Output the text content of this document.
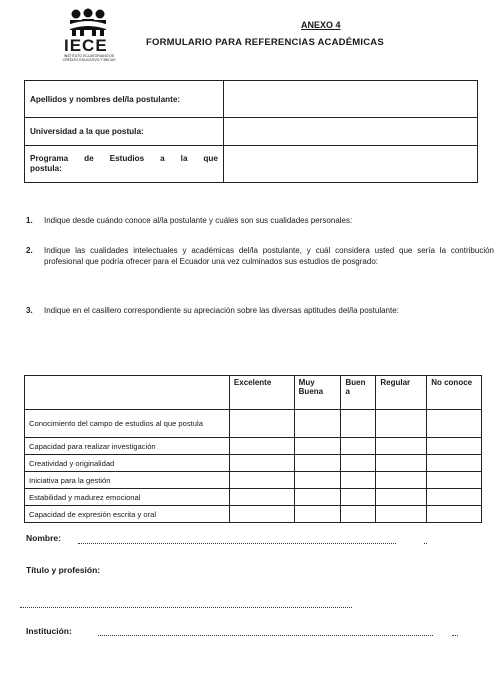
IECE
INSTITUTO ECUATORIANO DE CRÉDITO EDUCATIVO Y BECAS
ANEXO 4
FORMULARIO PARA REFERENCIAS ACADÉMICAS
Apellidos y nombres del/la postulante:	
Universidad a la que postula:	

Programa de Estudios a la que
postula:	

1. Indique desde cuándo conoce al/la postulante y cuáles son sus cualidades personales:
2. Indique las cualidades intelectuales y académicas del/la postulante, y cuál considera usted que sería la contribución profesional que podría ofrecer para el Ecuador una vez culminados sus estudios de posgrado:
3. Indique en el casillero correspondiente su apreciación sobre las diversas aptitudes del/la postulante:
	Excelente	Muy Buena	Buen a	Regular	No conoce
Conocimiento del campo de estudios al que postula					
Capacidad para realizar investigación					
Creatividad y originalidad					
Iniciativa para la gestión					
Estabilidad y madurez emocional					
Capacidad de expresión escrita y oral					
Nombre:
Título y profesión:
Institución:
